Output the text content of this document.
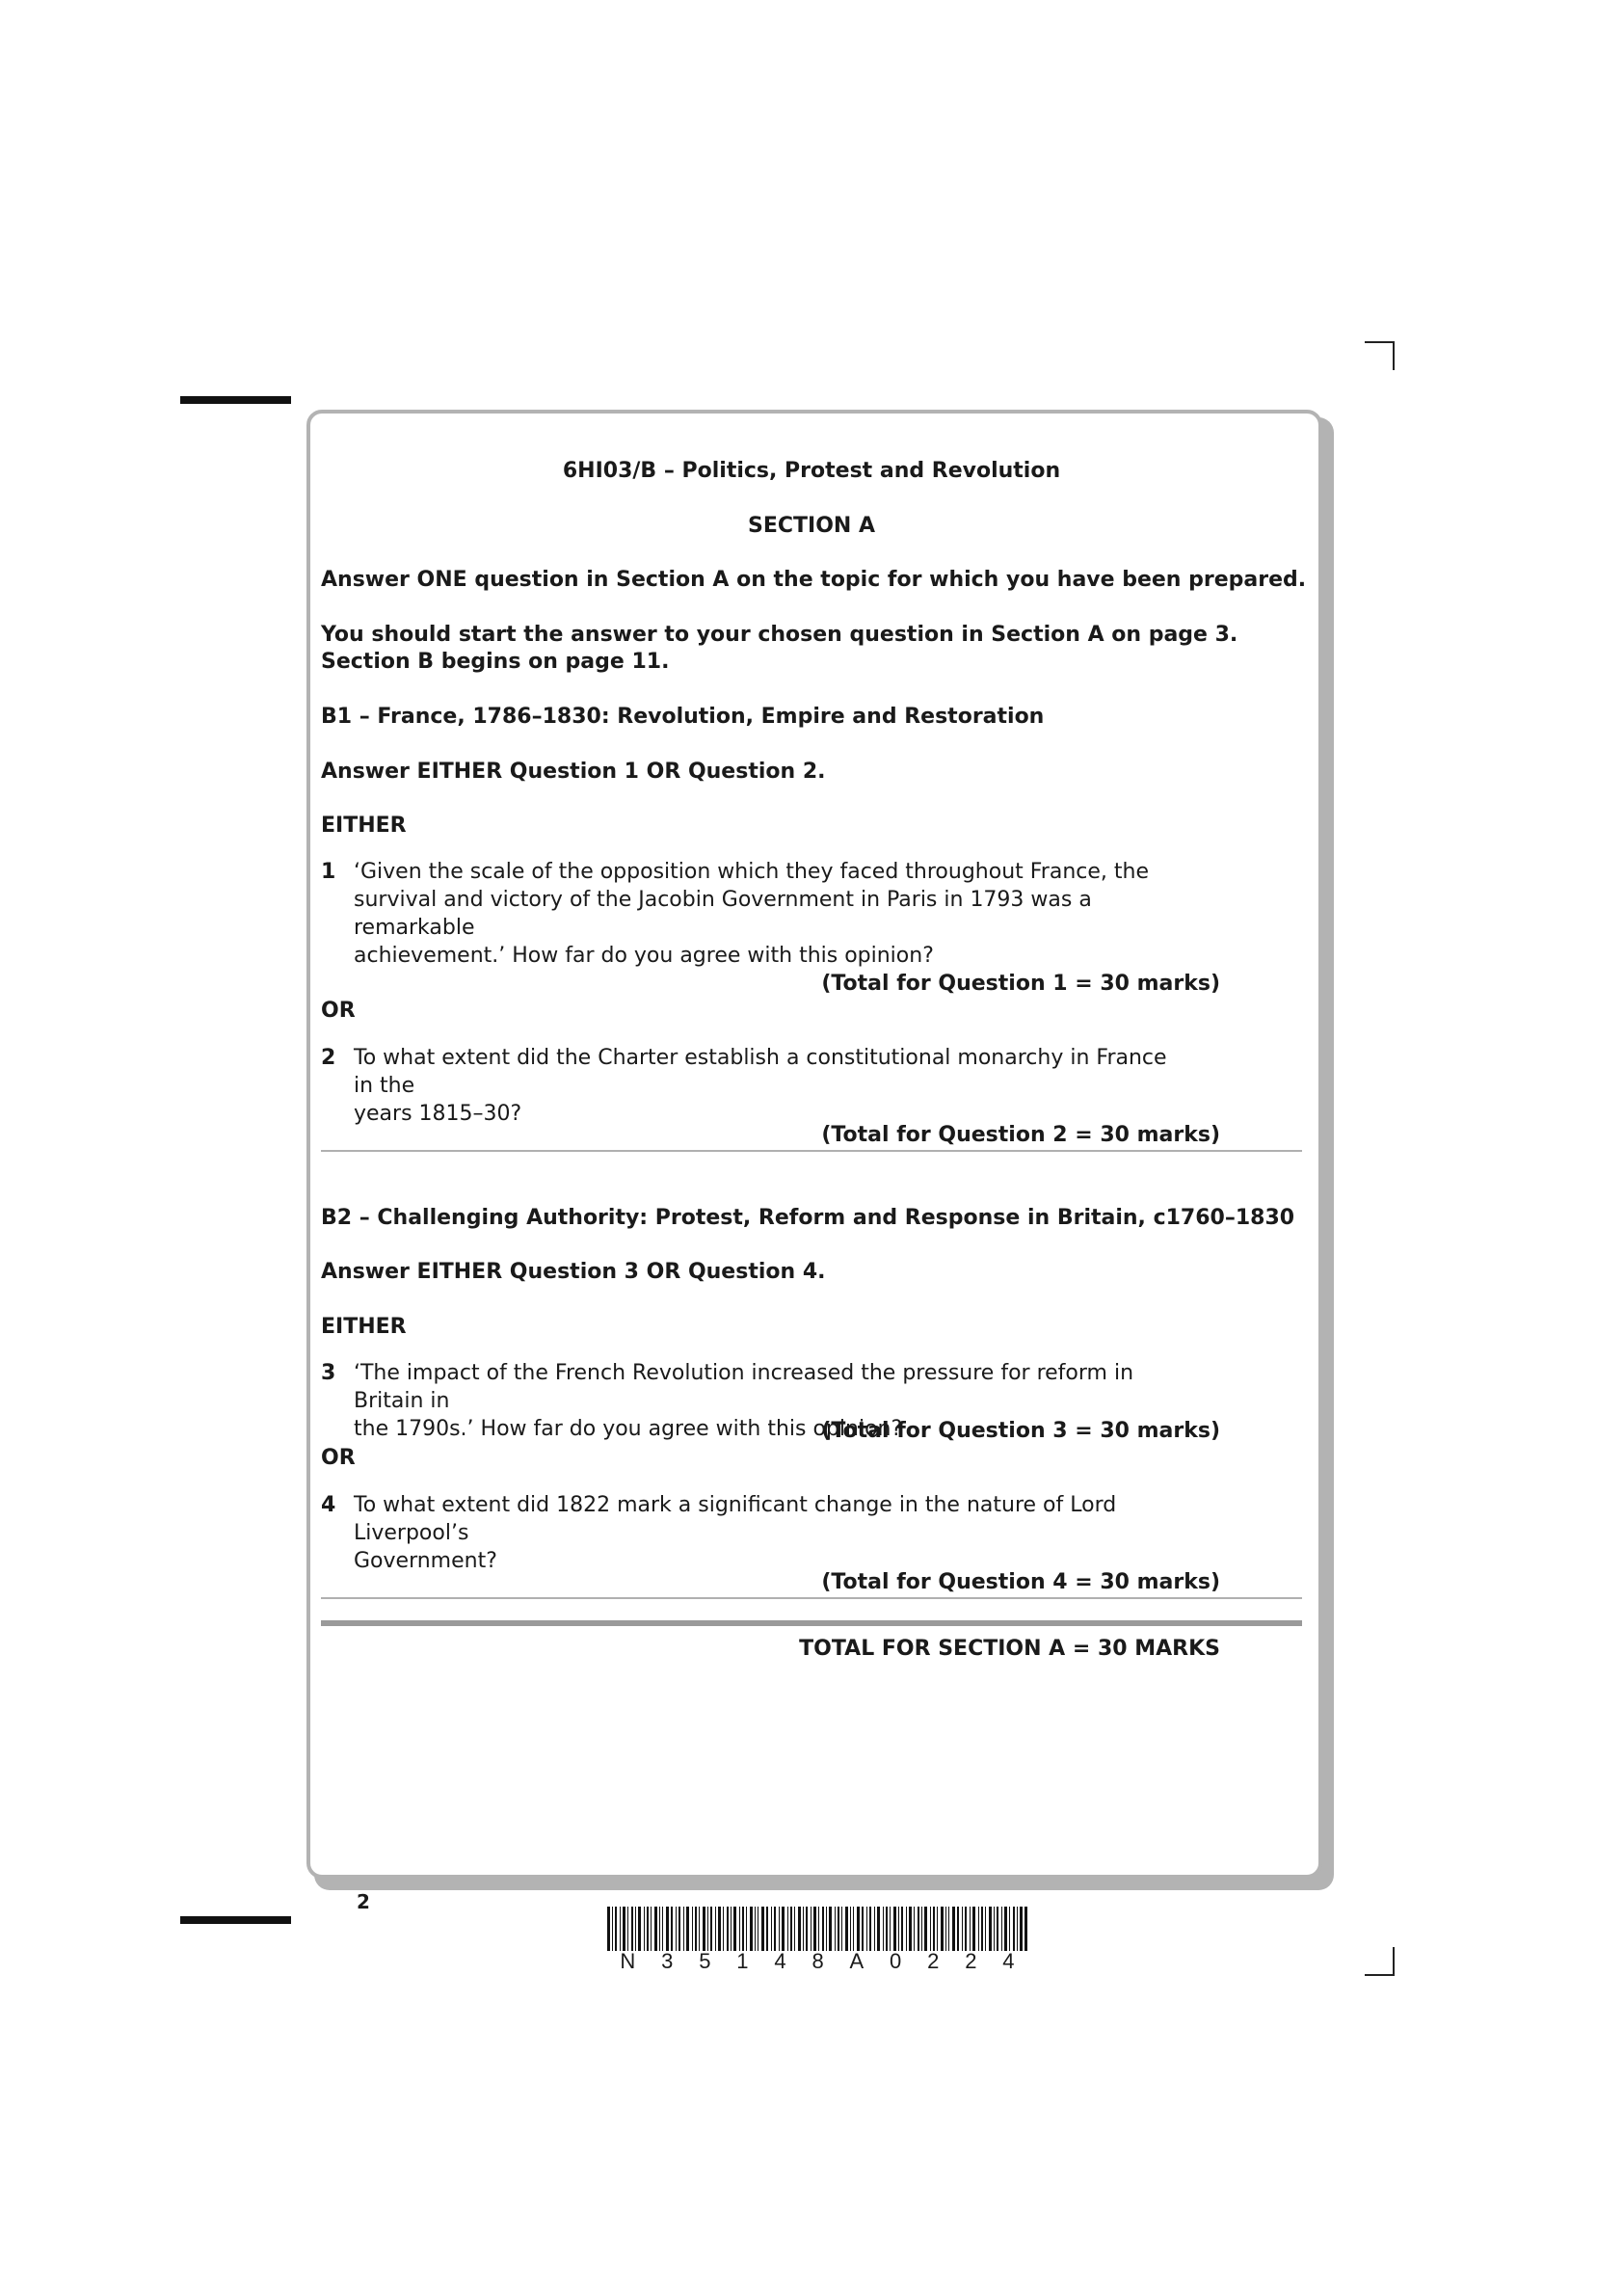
6HI03/B – Politics, Protest and Revolution
SECTION A
Answer ONE question in Section A on the topic for which you have been prepared.
You should start the answer to your chosen question in Section A on page 3.
Section B begins on page 11.
B1 – France, 1786–1830: Revolution, Empire and Restoration
Answer EITHER Question 1 OR Question 2.
EITHER
1 ‘Given the scale of the opposition which they faced throughout France, the
survival and victory of the Jacobin Government in Paris in 1793 was a remarkable
achievement.’ How far do you agree with this opinion?
(Total for Question 1 = 30 marks)
OR
2 To what extent did the Charter establish a constitutional monarchy in France in the
years 1815–30?
(Total for Question 2 = 30 marks)
B2 – Challenging Authority: Protest, Reform and Response in Britain, c1760–1830
Answer EITHER Question 3 OR Question 4.
EITHER
3 ‘The impact of the French Revolution increased the pressure for reform in Britain in
the 1790s.’ How far do you agree with this opinion?
(Total for Question 3 = 30 marks)
OR
4 To what extent did 1822 mark a significant change in the nature of Lord Liverpool’s
Government?
(Total for Question 4 = 30 marks)
TOTAL FOR SECTION A = 30 MARKS
2
N 3 5 1 4 8 A 0 2 2 4
